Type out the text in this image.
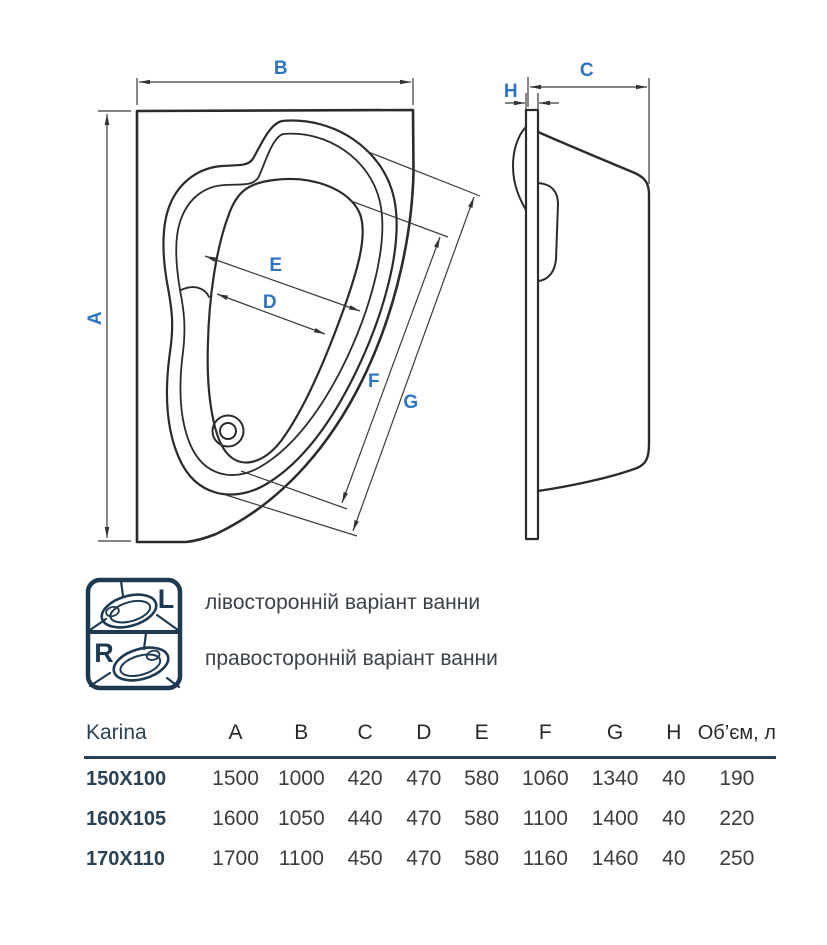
L
R
B
A
E
D
F
G
C
H
лівосторонній варіант ванни
правосторонній варіант ванни
Karina	A	B	C	D	E	F	G	H	Об’єм, л
150X100	1500	1000	420	470	580	1060	1340	40	190
160X105	1600	1050	440	470	580	1100	1400	40	220
170X110	1700	1100	450	470	580	1160	1460	40	250
